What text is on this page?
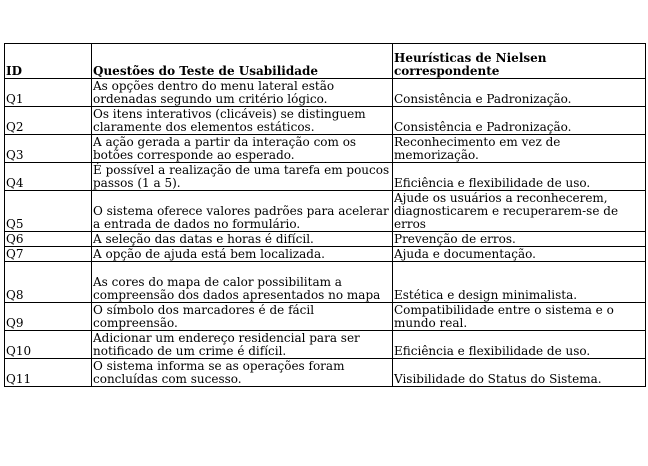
ID	Questões do Teste de Usabilidade	Heurísticas de Nielsen
correspondente

Q1	As opções dentro do menu lateral estão ordenadas segundo um critério lógico.	Consistência e Padronização.
Q2	Os itens interativos (clicáveis) se distinguem claramente dos elementos estáticos.	Consistência e Padronização.
Q3	A ação gerada a partir da interação com os botões corresponde ao esperado.	Reconhecimento em vez de memorização.
Q4	É possível a realização de uma tarefa em poucos passos (1 a 5).	Eficiência e flexibilidade de uso.
Q5	O sistema oferece valores padrões para acelerar a entrada de dados no formulário.	Ajude os usuários a reconhecerem, diagnosticarem e recuperarem-se de erros
Q6	A seleção das datas e horas é difícil.	Prevenção de erros.
Q7	A opção de ajuda está bem localizada.	Ajuda e documentação.
Q8	As cores do mapa de calor possibilitam a compreensão dos dados apresentados no mapa	Estética e design minimalista.
Q9	O símbolo dos marcadores é de fácil compreensão.	Compatibilidade entre o sistema e o mundo real.
Q10	Adicionar um endereço residencial para ser notificado de um crime é difícil.	Eficiência e flexibilidade de uso.
Q11	O sistema informa se as operações foram concluídas com sucesso.	Visibilidade do Status do Sistema.
